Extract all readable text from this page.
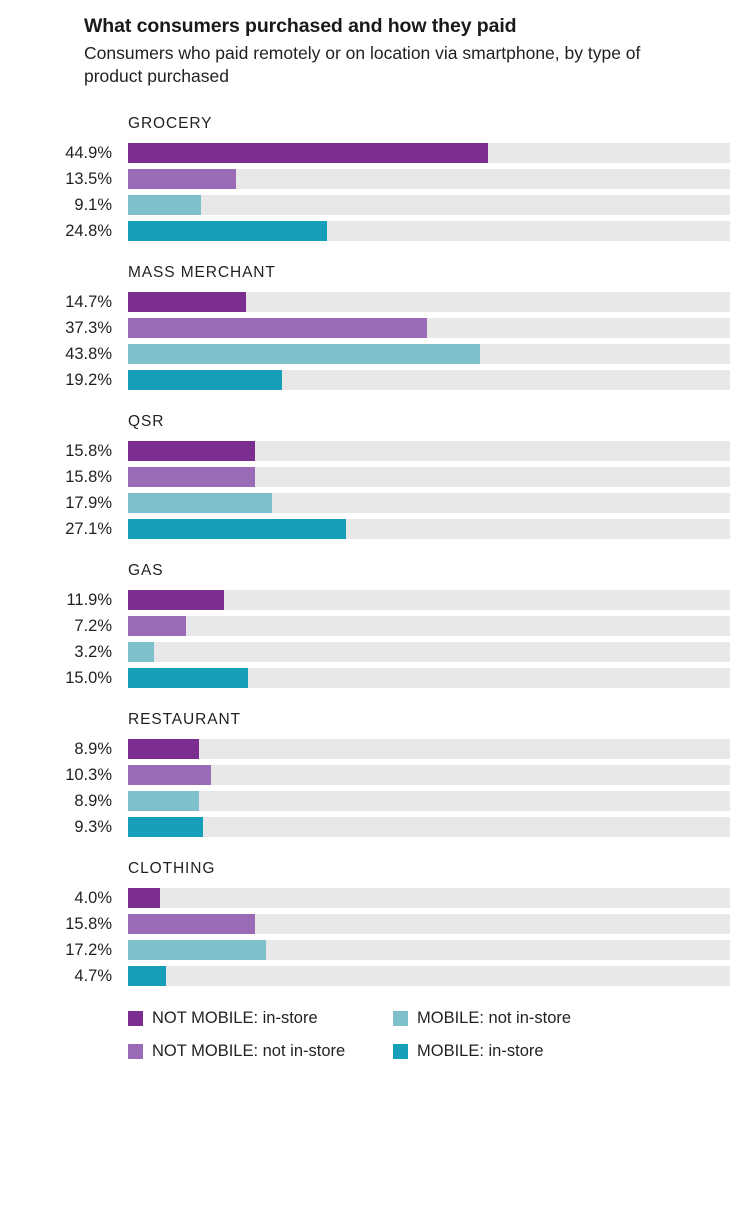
What consumers purchased and how they paid

Consumers who paid remotely or on location via smartphone, by type of product purchased

GROCERY
44.9%
13.5%
9.1%
24.8%
MASS MERCHANT
14.7%
37.3%
43.8%
19.2%
QSR
15.8%
15.8%
17.9%
27.1%
GAS
11.9%
7.2%
3.2%
15.0%
RESTAURANT
8.9%
10.3%
8.9%
9.3%
CLOTHING
4.0%
15.8%
17.2%
4.7%
NOT MOBILE: in-store	MOBILE: not in-store
NOT MOBILE: not in-store	MOBILE: in-store
